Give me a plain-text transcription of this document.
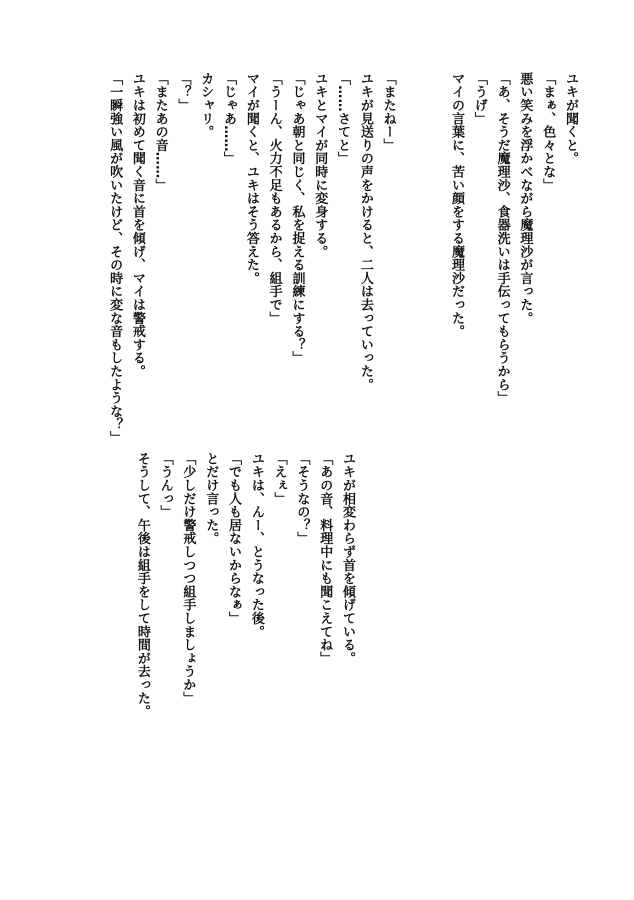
ユキが聞くと。
「まぁ、色々とな」
悪い笑みを浮かべながら魔理沙が言った。
「あ、そうだ魔理沙、食器洗いは手伝ってもらうから」
「うげ」
マイの言葉に、苦い顔をする魔理沙だった。
「またねー」
ユキが見送りの声をかけると、二人は去っていった。
「……さてと」
ユキとマイが同時に変身する。
「じゃあ朝と同じく、私を捉える訓練にする？」
「うーん、火力不足もあるから、組手で」
マイが聞くと、ユキはそう答えた。
「じゃあ……」
カシャリ。
「？」
「またあの音……」
ユキは初めて聞く音に首を傾げ、マイは警戒する。
「一瞬強い風が吹いたけど、その時に変な音もしたような？」
ユキが相変わらず首を傾げている。
「あの音、料理中にも聞こえてね」
「そうなの？」
「えぇ」
ユキは、んー、とうなった後。
「でも人も居ないからなぁ」
とだけ言った。
「少しだけ警戒しつつ組手しましょうか」
「うんっ」
そうして、午後は組手をして時間が去った。
